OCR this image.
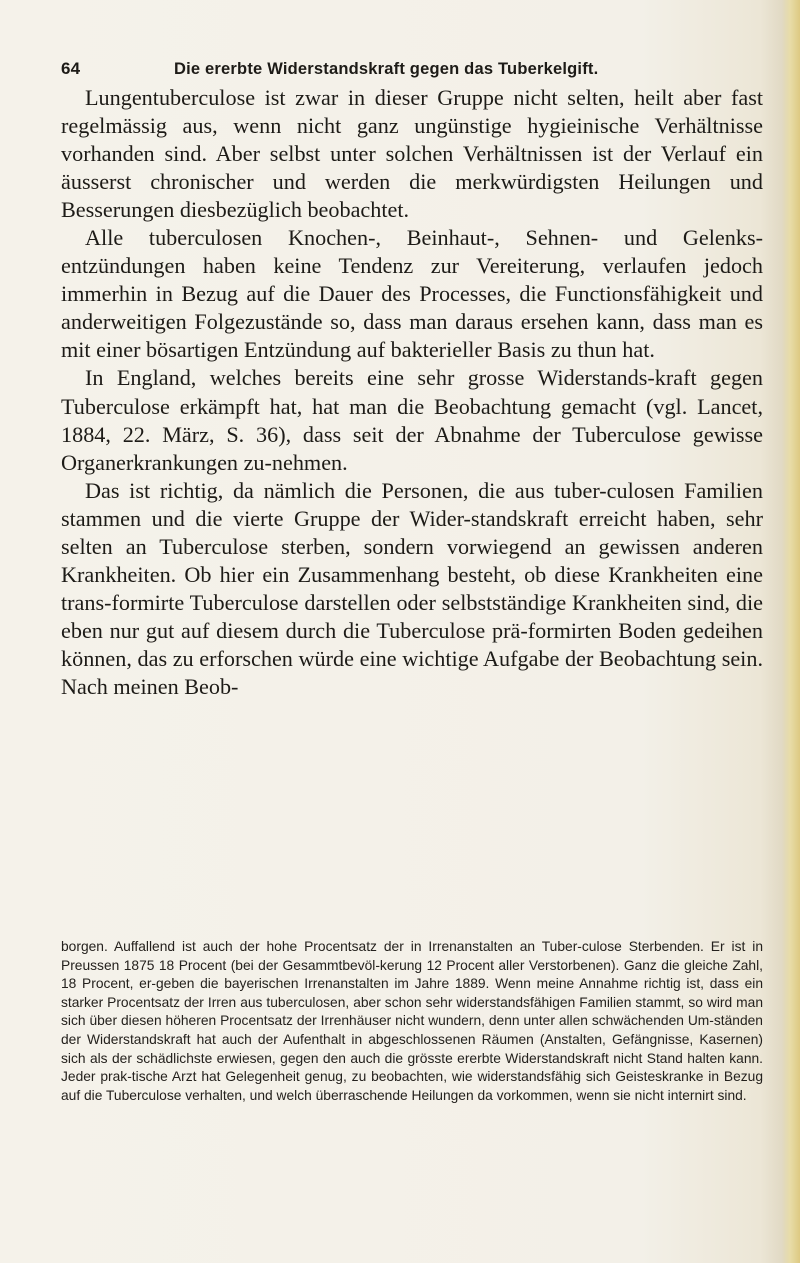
64	Die ererbte Widerstandskraft gegen das Tuberkelgift.

Lungentuberculose ist zwar in dieser Gruppe nicht selten, heilt aber fast regelmässig aus, wenn nicht ganz ungünstige hygieinische Verhältnisse vorhanden sind. Aber selbst unter solchen Verhältnissen ist der Verlauf ein äusserst chronischer und werden die merkwürdigsten Heilungen und Besserungen diesbezüglich beobachtet.

Alle tuberculosen Knochen-, Beinhaut-, Sehnen- und Gelenks-entzündungen haben keine Tendenz zur Vereiterung, verlaufen jedoch immerhin in Bezug auf die Dauer des Processes, die Functionsfähigkeit und anderweitigen Folgezustände so, dass man daraus ersehen kann, dass man es mit einer bösartigen Entzündung auf bakterieller Basis zu thun hat.

In England, welches bereits eine sehr grosse Widerstands-kraft gegen Tuberculose erkämpft hat, hat man die Beobachtung gemacht (vgl. Lancet, 1884, 22. März, S. 36), dass seit der Abnahme der Tuberculose gewisse Organerkrankungen zu-nehmen.

Das ist richtig, da nämlich die Personen, die aus tuber-culosen Familien stammen und die vierte Gruppe der Wider-standskraft erreicht haben, sehr selten an Tuberculose sterben, sondern vorwiegend an gewissen anderen Krankheiten. Ob hier ein Zusammenhang besteht, ob diese Krankheiten eine trans-formirte Tuberculose darstellen oder selbstständige Krankheiten sind, die eben nur gut auf diesem durch die Tuberculose prä-formirten Boden gedeihen können, das zu erforschen würde eine wichtige Aufgabe der Beobachtung sein. Nach meinen Beob-

borgen. Auffallend ist auch der hohe Procentsatz der in Irrenanstalten an Tuber-culose Sterbenden. Er ist in Preussen 1875 18 Procent (bei der Gesammtbevöl-kerung 12 Procent aller Verstorbenen). Ganz die gleiche Zahl, 18 Procent, er-geben die bayerischen Irrenanstalten im Jahre 1889. Wenn meine Annahme richtig ist, dass ein starker Procentsatz der Irren aus tuberculosen, aber schon sehr widerstandsfähigen Familien stammt, so wird man sich über diesen höheren Procentsatz der Irrenhäuser nicht wundern, denn unter allen schwächenden Um-ständen der Widerstandskraft hat auch der Aufenthalt in abgeschlossenen Räumen (Anstalten, Gefängnisse, Kasernen) sich als der schädlichste erwiesen, gegen den auch die grösste ererbte Widerstandskraft nicht Stand halten kann. Jeder prak-tische Arzt hat Gelegenheit genug, zu beobachten, wie widerstandsfähig sich Geisteskranke in Bezug auf die Tuberculose verhalten, und welch überraschende Heilungen da vorkommen, wenn sie nicht internirt sind.
